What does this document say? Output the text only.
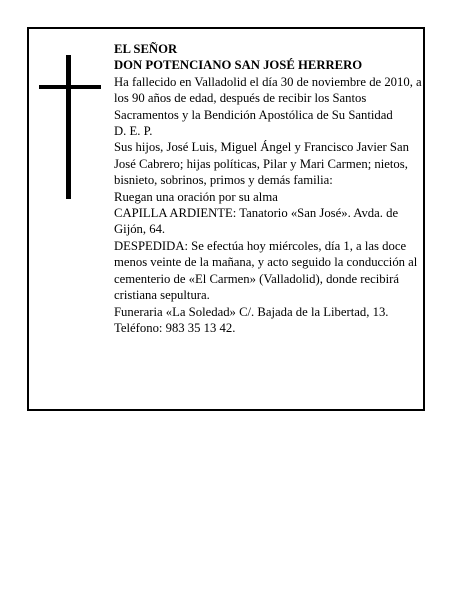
EL SEÑOR

DON POTENCIANO SAN JOSÉ HERRERO

Ha fallecido en Valladolid el día 30 de noviembre de 2010, a los 90 años de edad, después de recibir los Santos Sacramentos y la Bendición Apostólica de Su Santidad

D. E. P.

Sus hijos, José Luis, Miguel Ángel y Francisco Javier San José Cabrero; hijas políticas, Pilar y Mari Carmen; nietos, bisnieto, sobrinos, primos y demás familia:

Ruegan una oración por su alma

CAPILLA ARDIENTE: Tanatorio «San José». Avda. de Gijón, 64.

DESPEDIDA: Se efectúa hoy miércoles, día 1, a las doce menos veinte de la mañana, y acto seguido la conducción al cementerio de «El Carmen» (Valladolid), donde recibirá cristiana sepultura.

Funeraria «La Soledad» C/. Bajada de la Libertad, 13. Teléfono: 983 35 13 42.
